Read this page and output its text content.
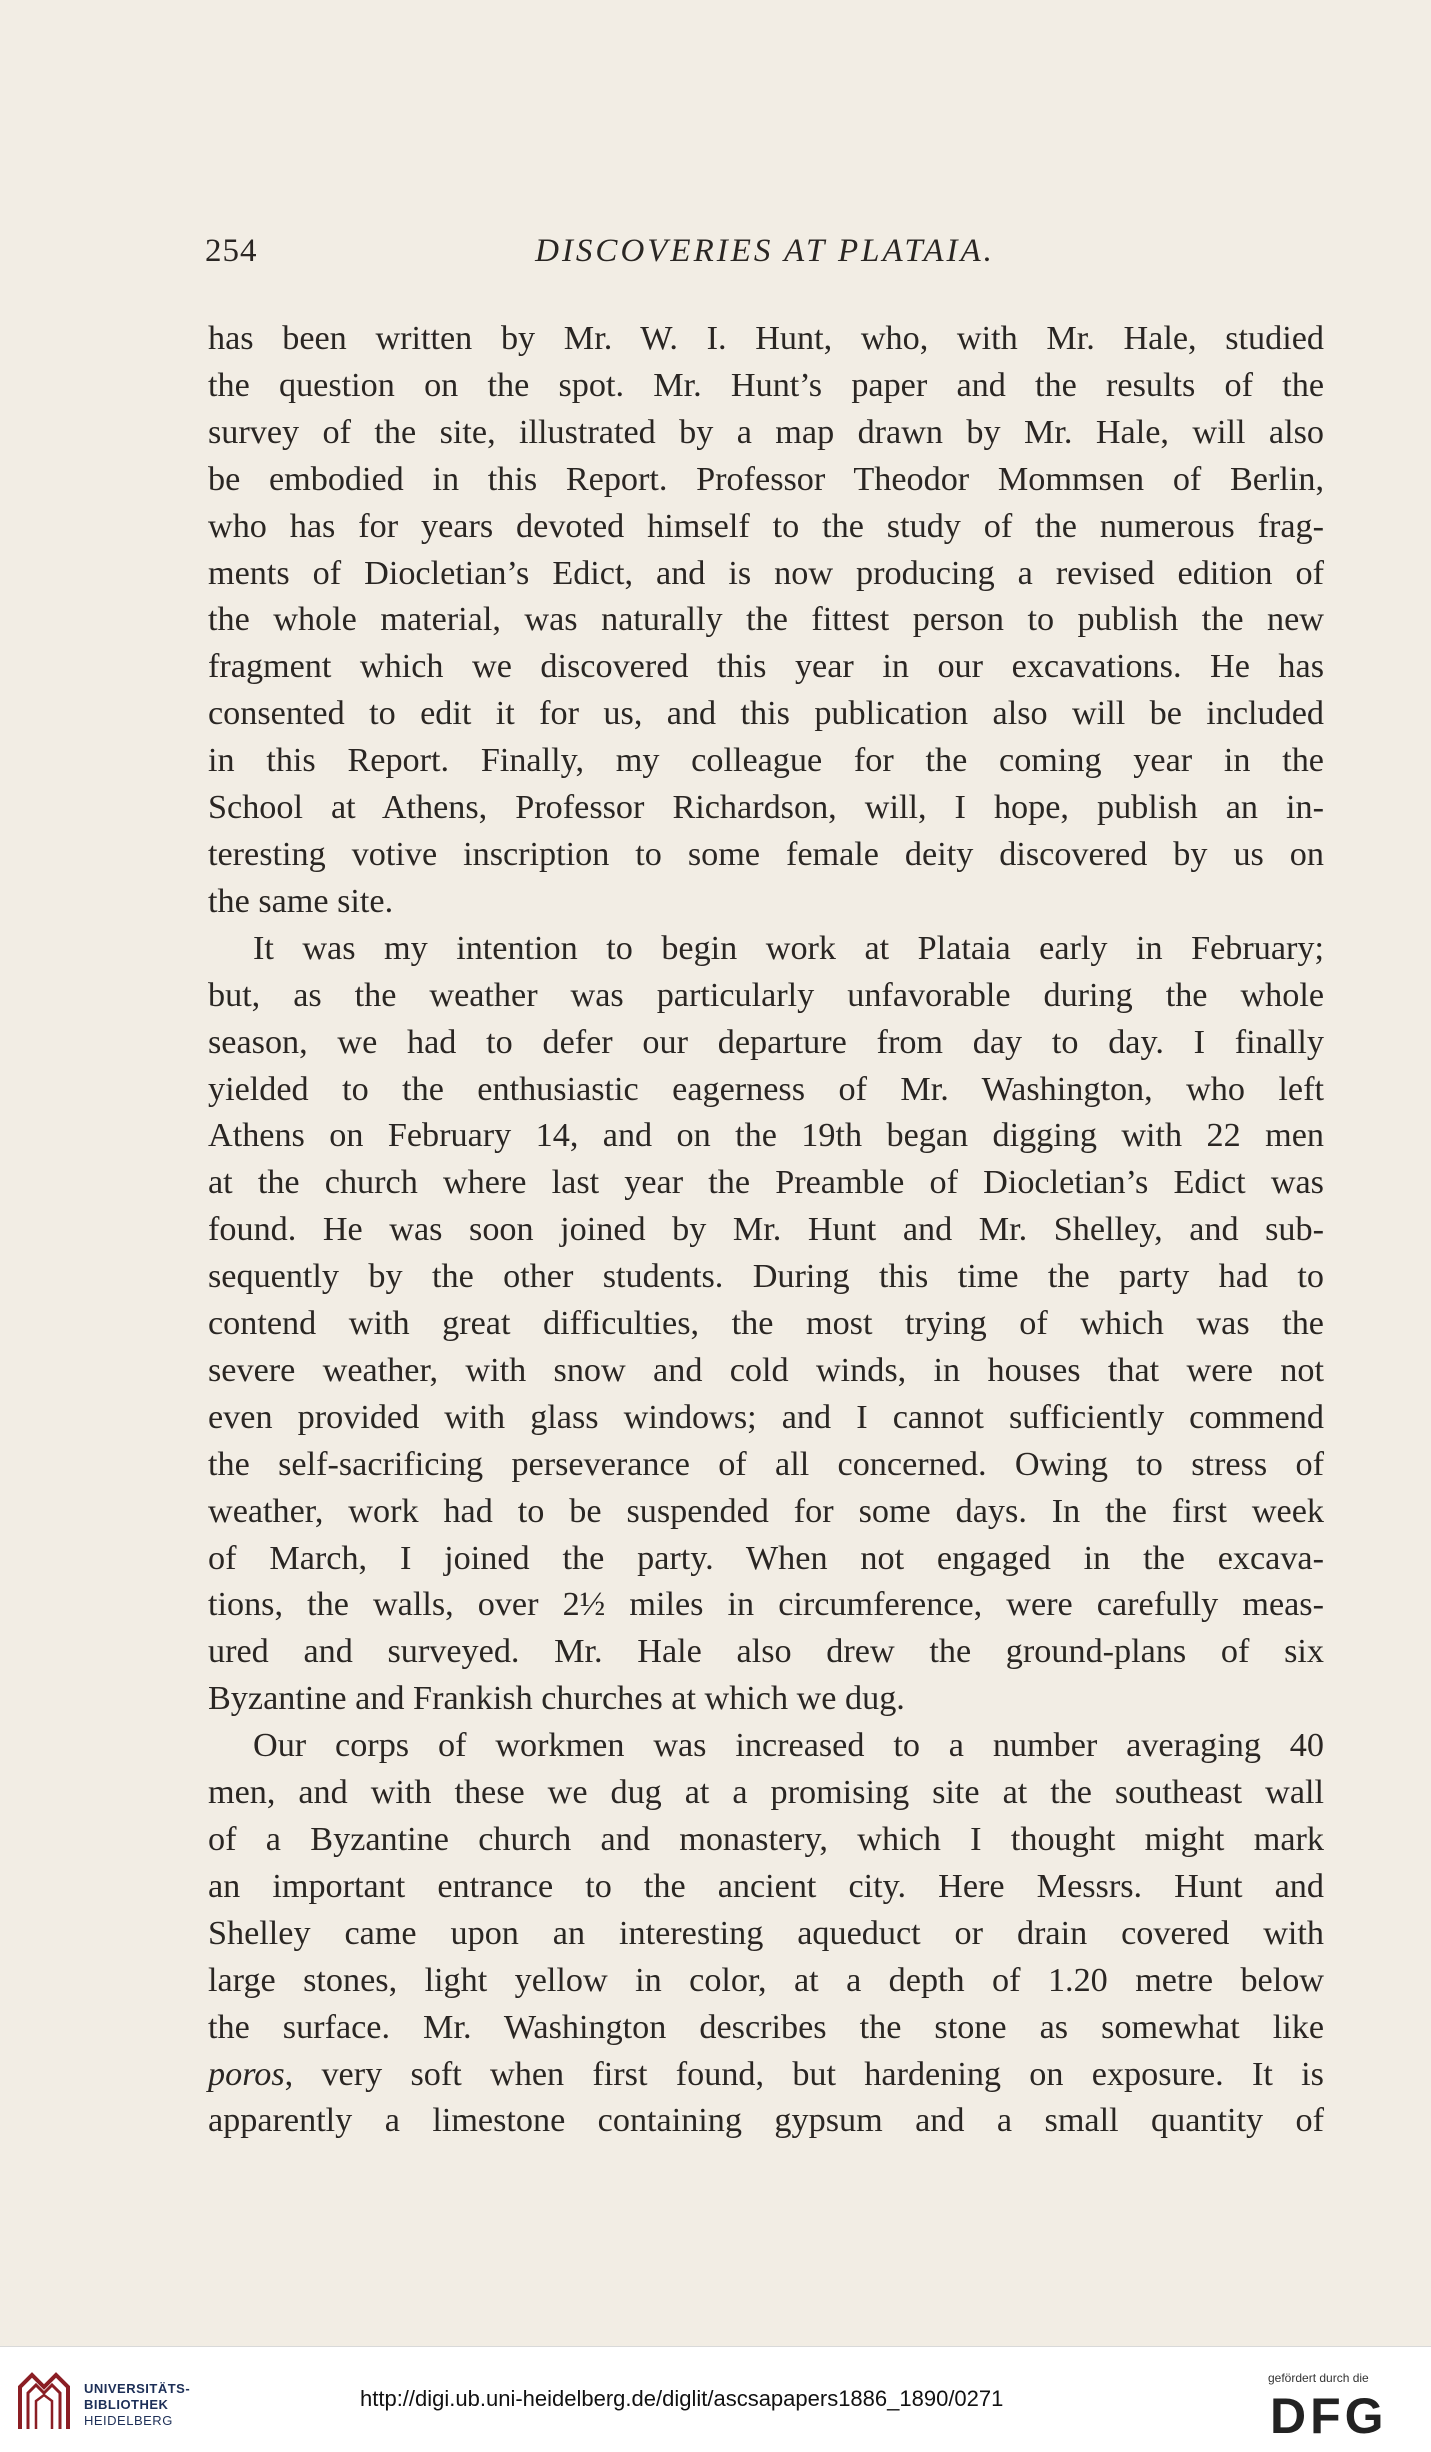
254	DISCOVERIES AT PLATAIA.
has been written by Mr. W. I. Hunt, who, with Mr. Hale, studied
the question on the spot. Mr. Hunt’s paper and the results of the
survey of the site, illustrated by a map drawn by Mr. Hale, will also
be embodied in this Report. Professor Theodor Mommsen of Berlin,
who has for years devoted himself to the study of the numerous frag-
ments of Diocletian’s Edict, and is now producing a revised edition of
the whole material, was naturally the fittest person to publish the new
fragment which we discovered this year in our excavations. He has
consented to edit it for us, and this publication also will be included
in this Report. Finally, my colleague for the coming year in the
School at Athens, Professor Richardson, will, I hope, publish an in-
teresting votive inscription to some female deity discovered by us on
the same site.
It was my intention to begin work at Plataia early in February;
but, as the weather was particularly unfavorable during the whole
season, we had to defer our departure from day to day. I finally
yielded to the enthusiastic eagerness of Mr. Washington, who left
Athens on February 14, and on the 19th began digging with 22 men
at the church where last year the Preamble of Diocletian’s Edict was
found. He was soon joined by Mr. Hunt and Mr. Shelley, and sub-
sequently by the other students. During this time the party had to
contend with great difficulties, the most trying of which was the
severe weather, with snow and cold winds, in houses that were not
even provided with glass windows; and I cannot sufficiently commend
the self-sacrificing perseverance of all concerned. Owing to stress of
weather, work had to be suspended for some days. In the first week
of March, I joined the party. When not engaged in the excava-
tions, the walls, over 2½ miles in circumference, were carefully meas-
ured and surveyed. Mr. Hale also drew the ground-plans of six
Byzantine and Frankish churches at which we dug.
Our corps of workmen was increased to a number averaging 40
men, and with these we dug at a promising site at the southeast wall
of a Byzantine church and monastery, which I thought might mark
an important entrance to the ancient city. Here Messrs. Hunt and
Shelley came upon an interesting aqueduct or drain covered with
large stones, light yellow in color, at a depth of 1.20 metre below
the surface. Mr. Washington describes the stone as somewhat like
poros, very soft when first found, but hardening on exposure. It is
apparently a limestone containing gypsum and a small quantity of
UNIVERSITÄTS-
BIBLIOTHEK
HEIDELBERG
http://digi.ub.uni-heidelberg.de/diglit/ascsapapers1886_1890/0271
gefördert durch die
DFG
